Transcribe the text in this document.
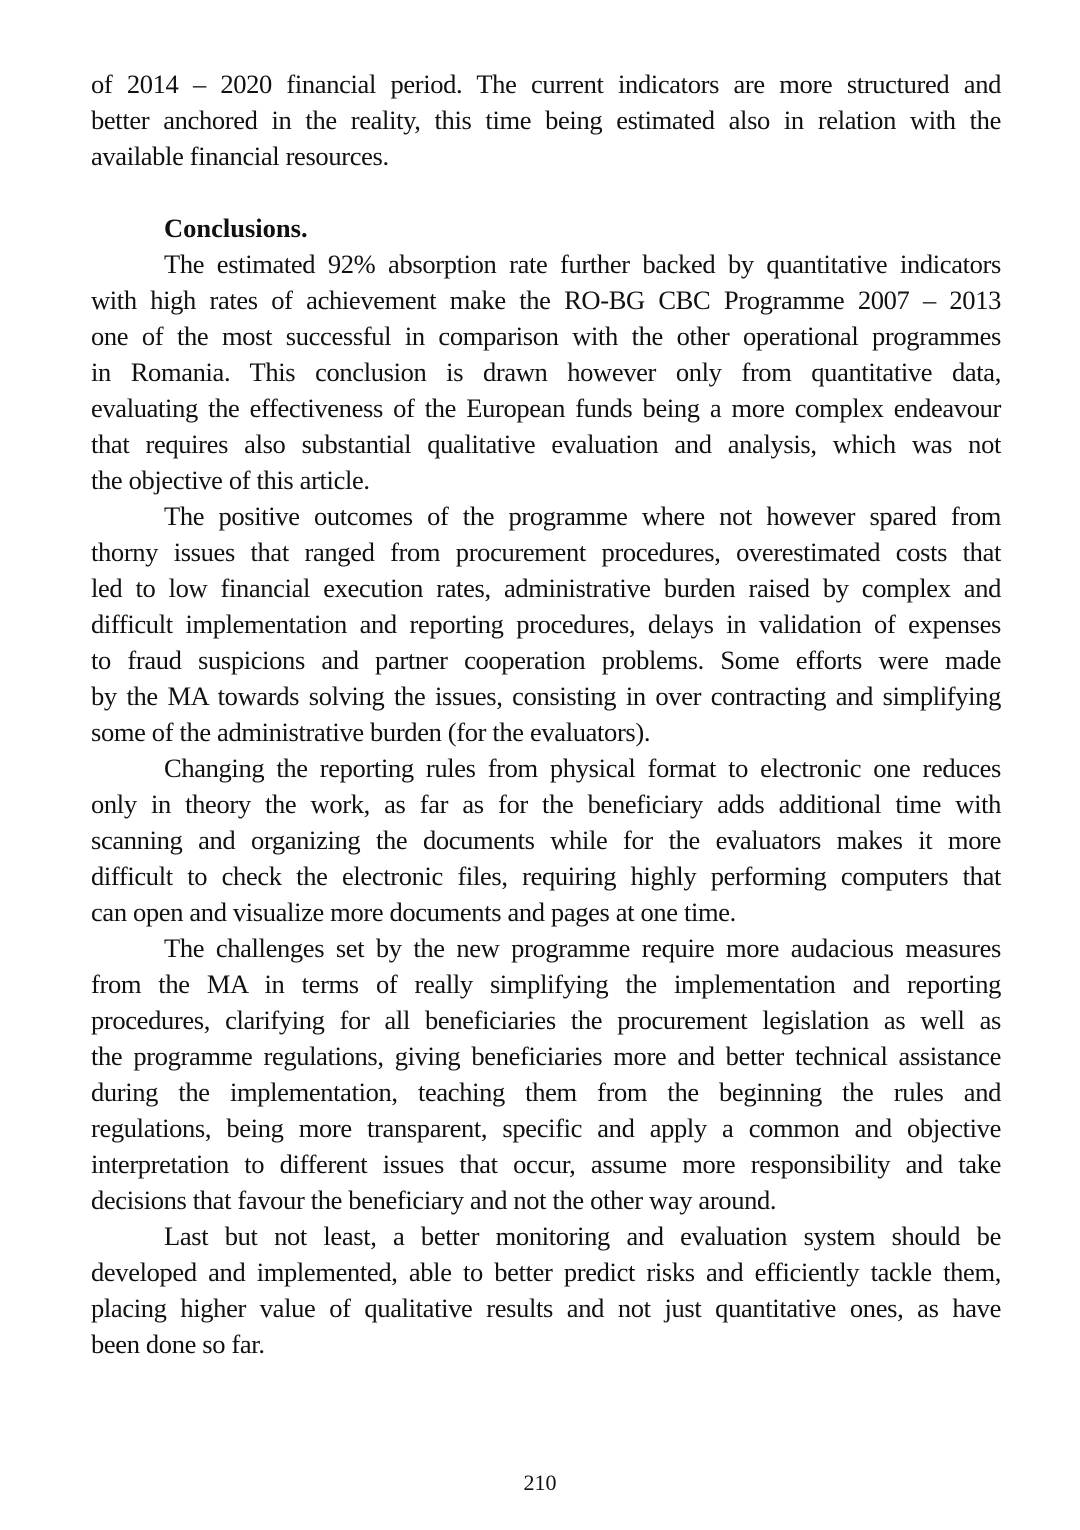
of 2014 – 2020 financial period. The current indicators are more structured and
better anchored in the reality, this time being estimated also in relation with the
available financial resources.
Conclusions.
The estimated 92% absorption rate further backed by quantitative indicators
with high rates of achievement make the RO-BG CBC Programme 2007 – 2013
one of the most successful in comparison with the other operational programmes
in Romania. This conclusion is drawn however only from quantitative data,
evaluating the effectiveness of the European funds being a more complex endeavour
that requires also substantial qualitative evaluation and analysis, which was not
the objective of this article.
The positive outcomes of the programme where not however spared from
thorny issues that ranged from procurement procedures, overestimated costs that
led to low financial execution rates, administrative burden raised by complex and
difficult implementation and reporting procedures, delays in validation of expenses
to fraud suspicions and partner cooperation problems. Some efforts were made
by the MA towards solving the issues, consisting in over contracting and simplifying
some of the administrative burden (for the evaluators).
Changing the reporting rules from physical format to electronic one reduces
only in theory the work, as far as for the beneficiary adds additional time with
scanning and organizing the documents while for the evaluators makes it more
difficult to check the electronic files, requiring highly performing computers that
can open and visualize more documents and pages at one time.
The challenges set by the new programme require more audacious measures
from the MA in terms of really simplifying the implementation and reporting
procedures, clarifying for all beneficiaries the procurement legislation as well as
the programme regulations, giving beneficiaries more and better technical assistance
during the implementation, teaching them from the beginning the rules and
regulations, being more transparent, specific and apply a common and objective
interpretation to different issues that occur, assume more responsibility and take
decisions that favour the beneficiary and not the other way around.
Last but not least, a better monitoring and evaluation system should be
developed and implemented, able to better predict risks and efficiently tackle them,
placing higher value of qualitative results and not just quantitative ones, as have
been done so far.
210
